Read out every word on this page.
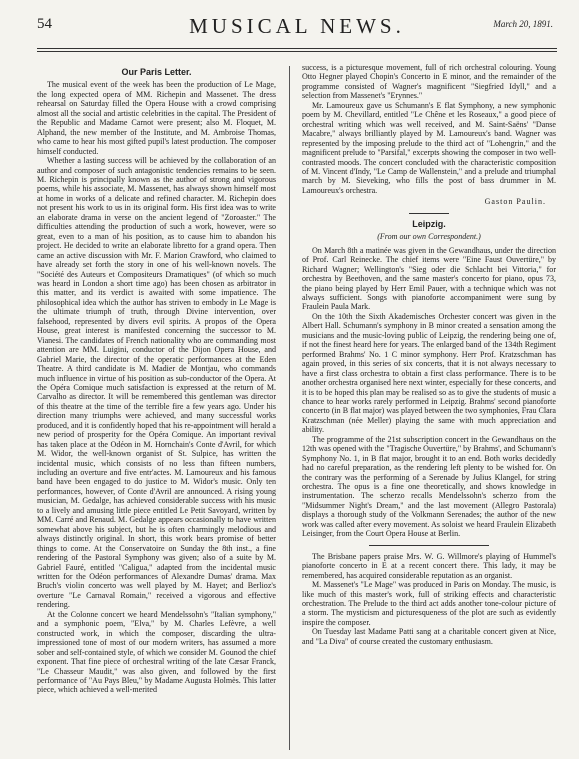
54	MUSICAL NEWS.	March 20, 1891.
Our Paris Letter.

The musical event of the week has been the production of Le Mage, the long expected opera of MM. Richepin and Massenet. The dress rehearsal on Saturday filled the Opera House with a crowd comprising almost all the social and artistic celebrities in the capital. The President of the Republic and Madame Carnot were present; also M. Floquet, M. Alphand, the new member of the Institute, and M. Ambroise Thomas, who came to hear his most gifted pupil's latest production. The composer himself conducted.

Whether a lasting success will be achieved by the collaboration of an author and composer of such antagonistic tendencies remains to be seen. M. Richepin is principally known as the author of strong and vigorous poems, while his associate, M. Massenet, has always shown himself most at home in works of a delicate and refined character. M. Richepin does not present his work to us in its original form. His first idea was to write an elaborate drama in verse on the ancient legend of "Zoroaster." The difficulties attending the production of such a work, however, were so great, even to a man of his position, as to cause him to abandon his project. He decided to write an elaborate libretto for a grand opera. Then came an active discussion with Mr. F. Marion Crawford, who claimed to have already set forth the story in one of his well-known novels. The "Société des Auteurs et Compositeurs Dramatiques" (of which so much was heard in London a short time ago) has been chosen as arbitrator in this matter, and its verdict is awaited with some impatience. The philosophical idea which the author has striven to embody in Le Mage is the ultimate triumph of truth, through Divine intervention, over falsehood, represented by divers evil spirits. A propos of the Opera House, great interest is manifested concerning the successor to M. Vianesi. The candidates of French nationality who are commanding most attention are MM. Luigini, conductor of the Dijon Opera House, and Gabriel Marie, the director of the operatic performances at the Eden Theatre. A third candidate is M. Madier de Montjau, who commands much influence in virtue of his position as sub-conductor of the Opera. At the Opéra Comique much satisfaction is expressed at the return of M. Carvalho as director. It will be remembered this gentleman was director of this theatre at the time of the terrible fire a few years ago. Under his direction many triumphs were achieved, and many successful works produced, and it is confidently hoped that his re-appointment will herald a new period of prosperity for the Opéra Comique. An important revival has taken place at the Odéon in M. Hornchain's Conte d'Avril, for which M. Widor, the well-known organist of St. Sulpice, has written the incidental music, which consists of no less than fifteen numbers, including an overture and five entr'actes. M. Lamoureux and his famous band have been engaged to do justice to M. Widor's music. Only ten performances, however, of Conte d'Avril are announced. A rising young musician, M. Gedalge, has achieved considerable success with his music to a lively and amusing little piece entitled Le Petit Savoyard, written by MM. Carré and Renaud. M. Gedalge appears occasionally to have written somewhat above his subject, but he is often charmingly melodious and always distinctly original. In short, this work bears promise of better things to come. At the Conservatoire on Sunday the 8th inst., a fine rendering of the Pastoral Symphony was given; also of a suite by M. Gabriel Fauré, entitled "Caligua," adapted from the incidental music written for the Odéon performances of Alexandre Dumas' drama. Max Bruch's violin concerto was well played by M. Hayet; and Berlioz's overture "Le Carnaval Romain," received a vigorous and effective rendering.

At the Colonne concert we heard Mendelssohn's "Italian symphony," and a symphonic poem, "Elva," by M. Charles Lefèvre, a well constructed work, in which the composer, discarding the ultra-impressioned tone of most of our modern writers, has assumed a more sober and self-contained style, of which we consider M. Gounod the chief exponent. That fine piece of orchestral writing of the late Cæsar Franck, "Le Chasseur Maudit," was also given, and followed by the first performance of "Au Pays Bleu," by Madame Augusta Holmès. This latter piece, which achieved a well-merited

success, is a picturesque movement, full of rich orchestral colouring. Young Otto Hegner played Chopin's Concerto in E minor, and the remainder of the programme consisted of Wagner's magnificent "Siegfried Idyll," and a selection from Massenet's "Erynnes."

Mr. Lamoureux gave us Schumann's E flat Symphony, a new symphonic poem by M. Chevillard, entitled "Le Chêne et les Roseaux," a good piece of orchestral writing which was well received, and M. Saint-Saëns' "Danse Macabre," always brilliantly played by M. Lamoureux's band. Wagner was represented by the imposing prelude to the third act of "Lohengrin," and the magnificent prelude to "Parsifal," excerpts showing the composer in two well-contrasted moods. The concert concluded with the characteristic composition of M. Vincent d'Indy, "Le Camp de Wallenstein," and a prelude and triumphal march by M. Sieveking, who fills the post of bass drummer in M. Lamoureux's orchestra.

Gaston Paulin.
Leipzig.
(From our own Correspondent.)

On March 8th a matinée was given in the Gewandhaus, under the direction of Prof. Carl Reinecke. The chief items were "Eine Faust Ouvertüre," by Richard Wagner; Wellington's "Sieg oder die Schlacht bei Vittoria," for orchestra by Beethoven, and the same master's concerto for piano, opus 73, the piano being played by Herr Emil Pauer, with a technique which was not always sufficient. Songs with pianoforte accompaniment were sung by Fraulein Paula Mark.

On the 10th the Sixth Akademisches Orchester concert was given in the Albert Hall. Schumann's symphony in B minor created a sensation among the musicians and the music-loving public of Leipzig, the rendering being one of, if not the finest heard here for years. The enlarged band of the 134th Regiment performed Brahms' No. 1 C minor symphony. Herr Prof. Kratzschman has again proved, in this series of six concerts, that it is not always necessary to have a first class orchestra to obtain a first class performance. There is to be another orchestra organised here next winter, especially for these concerts, and it is to be hoped this plan may be realised so as to give the students of music a chance to hear works rarely performed in Leipzig. Brahms' second pianoforte concerto (in B flat major) was played between the two symphonies, Frau Clara Kratzschman (née Meller) playing the same with much appreciation and ability.

The programme of the 21st subscription concert in the Gewandhaus on the 12th was opened with the "Tragische Ouvertüre," by Brahms', and Schumann's Symphony No. 1, in B flat major, brought it to an end. Both works decidedly had no careful preparation, as the rendering left plenty to be wished for. On the contrary was the performing of a Serenade by Julius Klangel, for string orchestra. The opus is a fine one theoretically, and shows knowledge in instrumentation. The scherzo recalls Mendelssohn's scherzo from the "Midsummer Night's Dream," and the last movement (Allegro Pastorala) displays a thorough study of the Volkmann Serenades; the author of the new work was called after every movement. As soloist we heard Fraulein Elizabeth Leisinger, from the Court Opera House at Berlin.

The Brisbane papers praise Mrs. W. G. Willmore's playing of Hummel's pianoforte concerto in E at a recent concert there. This lady, it may be remembered, has acquired considerable reputation as an organist.

M. Massenet's "Le Mage" was produced in Paris on Monday. The music, is like much of this master's work, full of striking effects and characteristic orchestration. The Prelude to the third act adds another tone-colour picture of a storm. The mysticism and picturesqueness of the plot are such as evidently inspire the composer.

On Tuesday last Madame Patti sang at a charitable concert given at Nice, and "La Diva" of course created the customary enthusiasm.
